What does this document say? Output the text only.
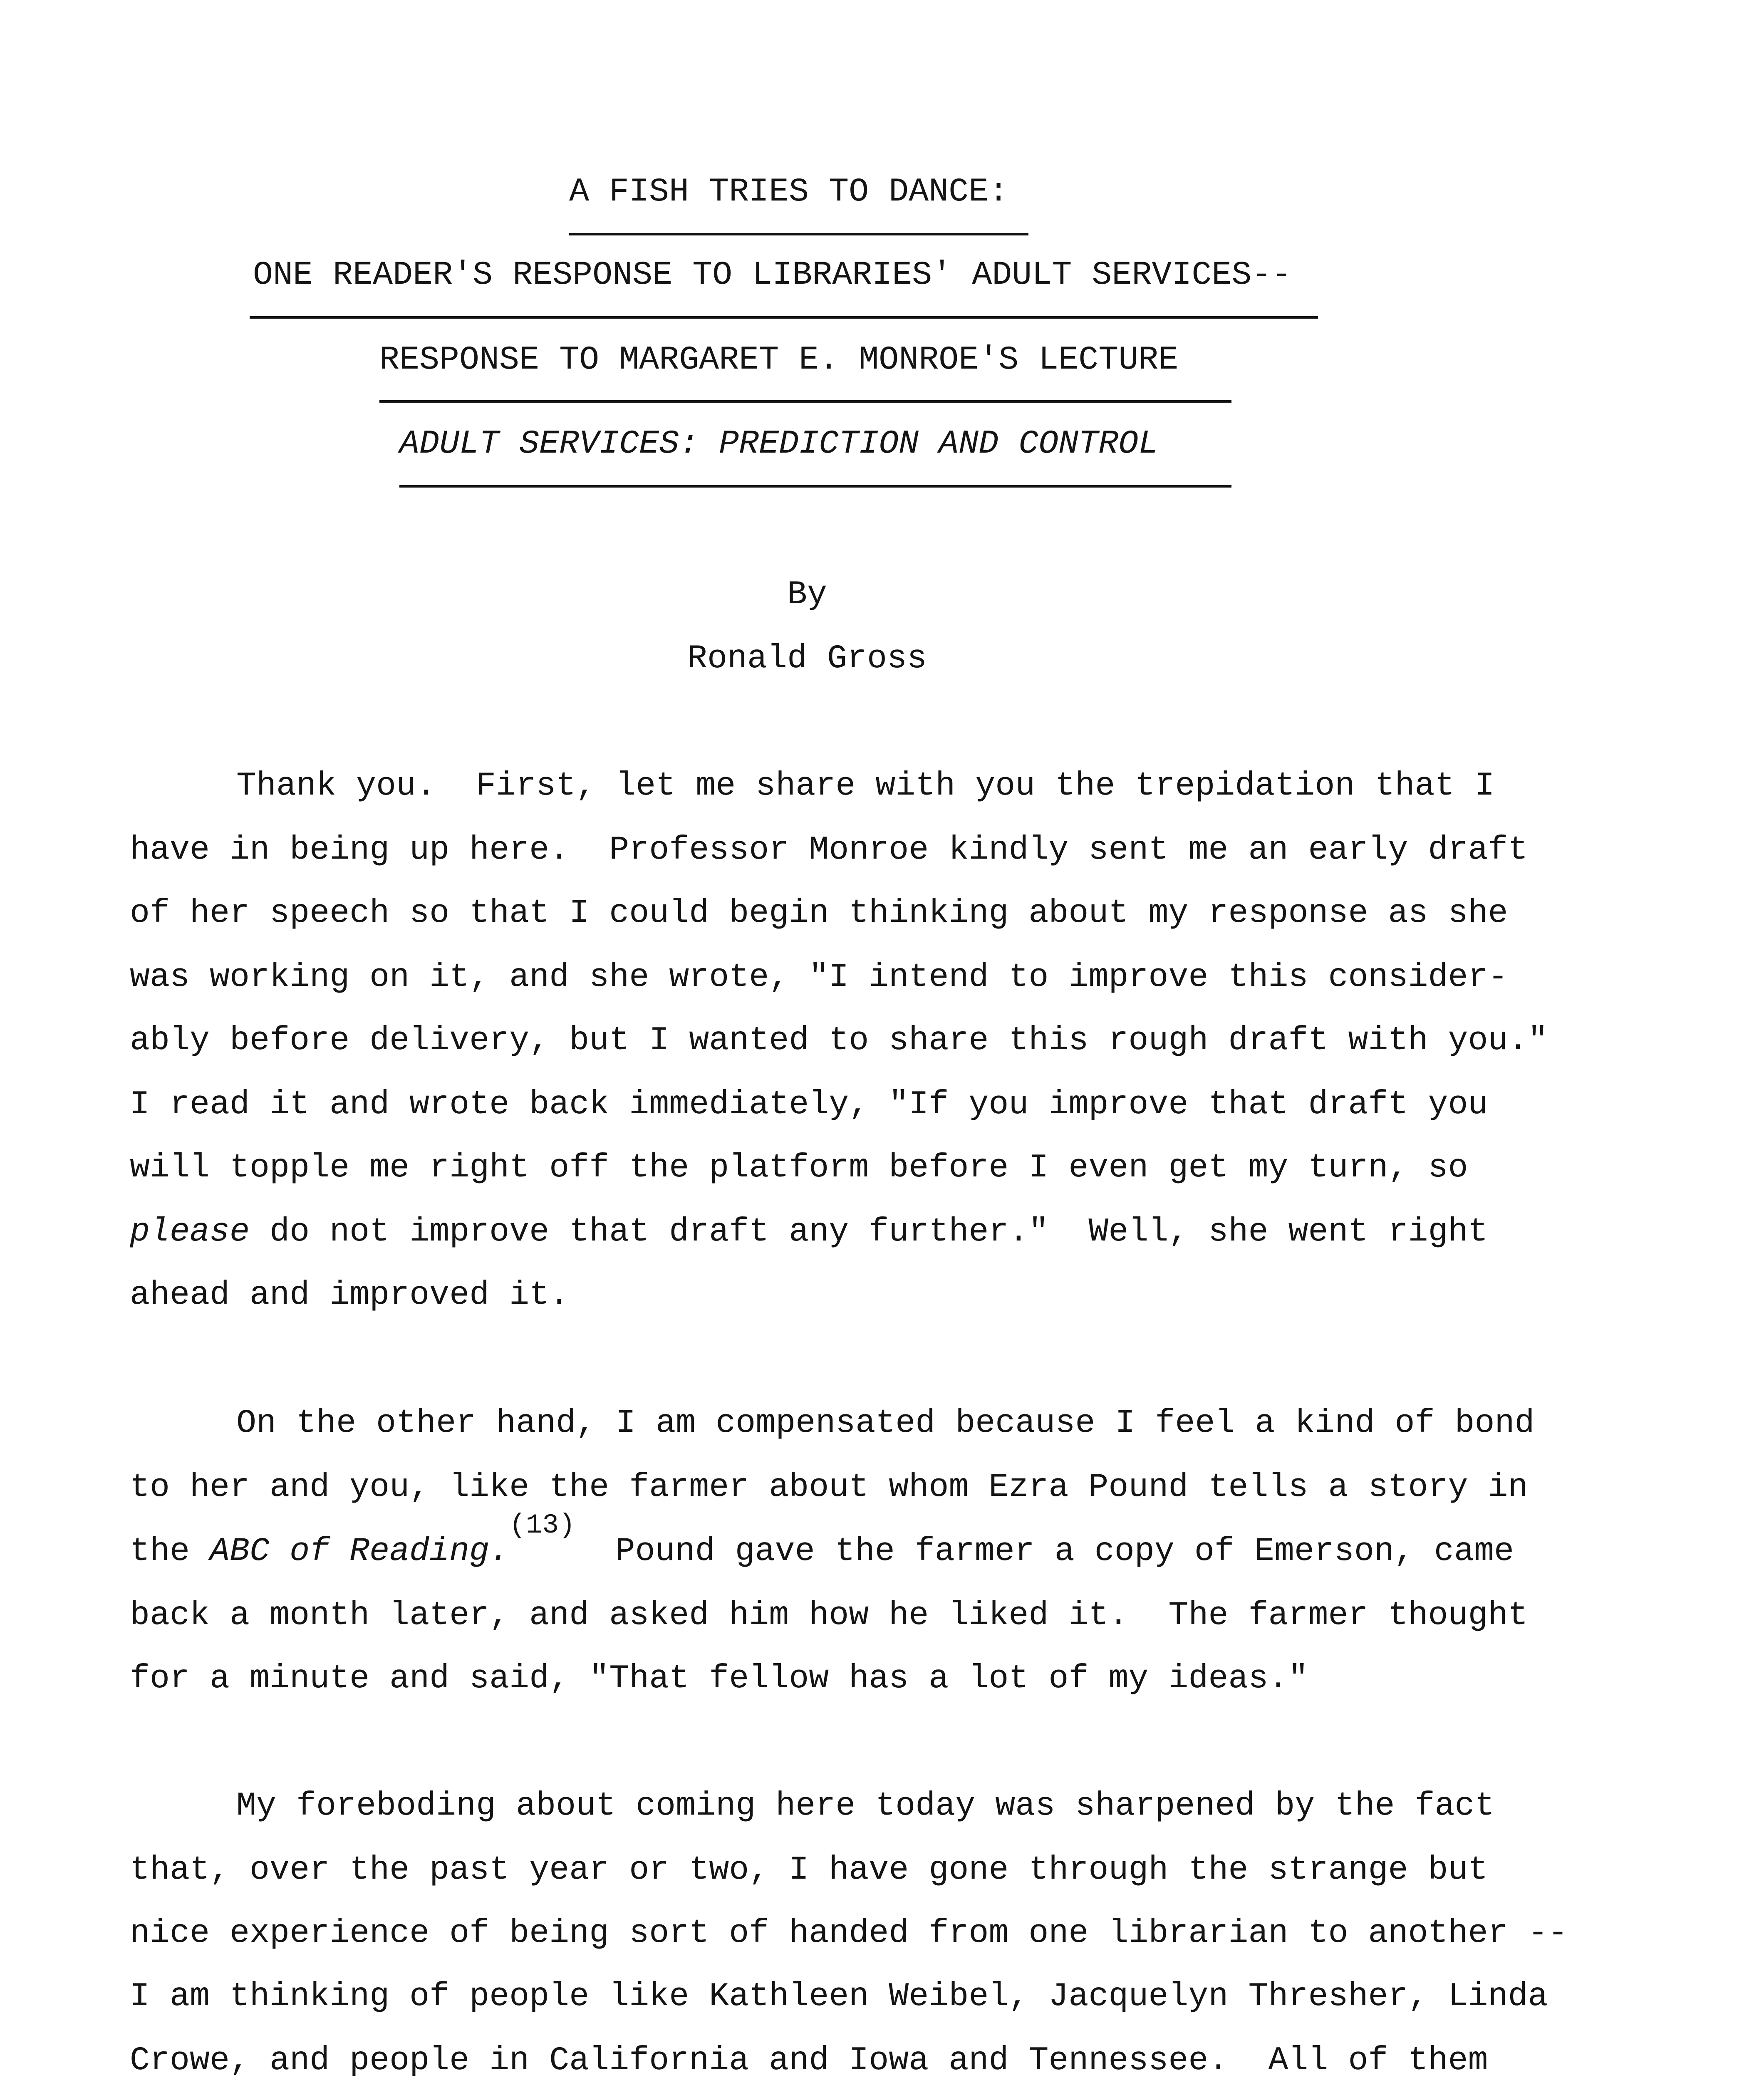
A FISH TRIES TO DANCE:
ONE READER'S RESPONSE TO LIBRARIES' ADULT SERVICES--
RESPONSE TO MARGARET E. MONROE'S LECTURE
ADULT SERVICES: PREDICTION AND CONTROL
By
Ronald Gross
Thank you.  First, let me share with you the trepidation that I
have in being up here.  Professor Monroe kindly sent me an early draft
of her speech so that I could begin thinking about my response as she
was working on it, and she wrote, "I intend to improve this consider-
ably before delivery, but I wanted to share this rough draft with you."
I read it and wrote back immediately, "If you improve that draft you
will topple me right off the platform before I even get my turn, so
please do not improve that draft any further."  Well, she went right
ahead and improved it.
On the other hand, I am compensated because I feel a kind of bond
to her and you, like the farmer about whom Ezra Pound tells a story in
the ABC of Reading.$^{(13)}$  Pound gave the farmer a copy of Emerson, came
back a month later, and asked him how he liked it.  The farmer thought
for a minute and said, "That fellow has a lot of my ideas."
My foreboding about coming here today was sharpened by the fact
that, over the past year or two, I have gone through the strange but
nice experience of being sort of handed from one librarian to another --
I am thinking of people like Kathleen Weibel, Jacquelyn Thresher, Linda
Crowe, and people in California and Iowa and Tennessee.  All of them
